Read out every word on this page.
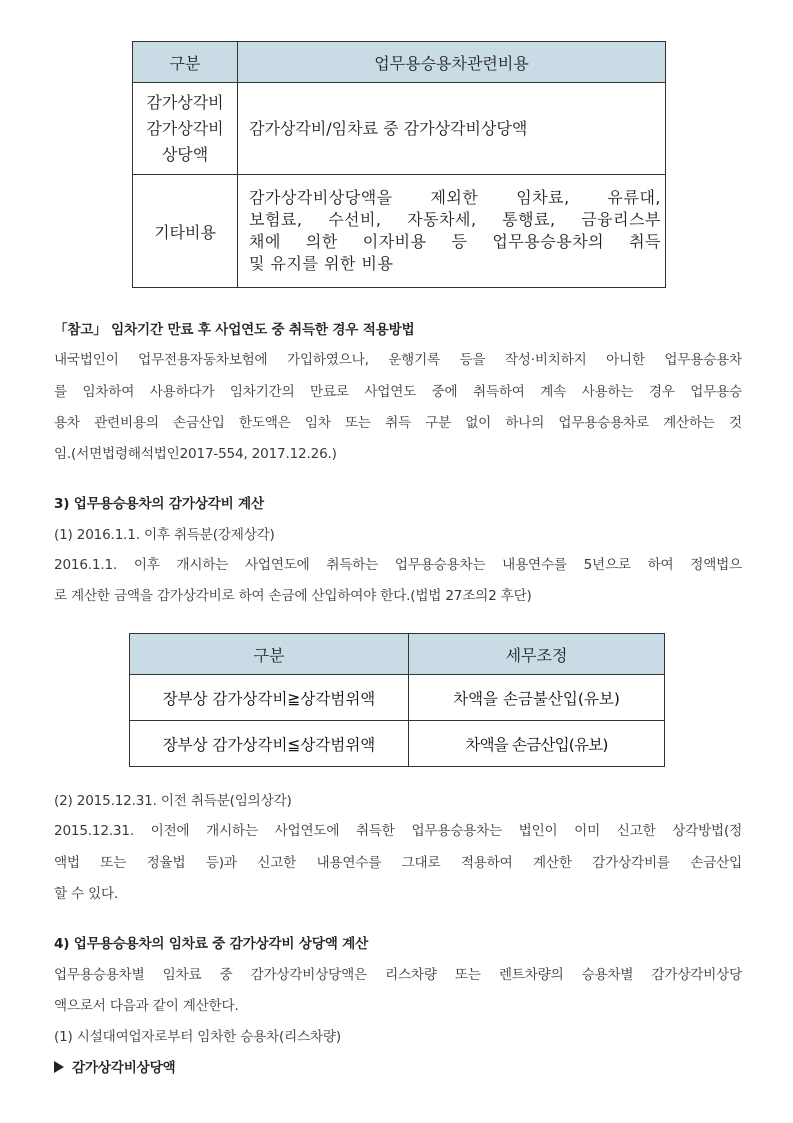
구분	업무용승용차관련비용

감가상각비
감가상각비
상당액	감가상각비/임차료 중 감가상각비상당액
기타비용	감가상각비상당액을 제외한 임차료, 유류대,
보험료, 수선비, 자동차세, 통행료, 금융리스부
채에 의한 이자비용 등 업무용승용차의 취득
및 유지를 위한 비용
「참고」 임차기간 만료 후 사업연도 중 취득한 경우 적용방법
내국법인이 업무전용자동차보험에 가입하였으나, 운행기록 등을 작성·비치하지 아니한 업무용승용차
를 임차하여 사용하다가 임차기간의 만료로 사업연도 중에 취득하여 계속 사용하는 경우 업무용승
용차 관련비용의 손금산입 한도액은 임차 또는 취득 구분 없이 하나의 업무용승용차로 계산하는 것
임.(서면법령해석법인2017-554, 2017.12.26.)
3) 업무용승용차의 감가상각비 계산
(1) 2016.1.1. 이후 취득분(강제상각)
2016.1.1. 이후 개시하는 사업연도에 취득하는 업무용승용차는 내용연수를 5년으로 하여 정액법으
로 계산한 금액을 감가상각비로 하여 손금에 산입하여야 한다.(법법 27조의2 후단)
구분	세무조정
장부상 감가상각비≧상각범위액	차액을 손금불산입(유보)
장부상 감가상각비≦상각범위액	차액을 손금산입(유보)
(2) 2015.12.31. 이전 취득분(임의상각)
2015.12.31. 이전에 개시하는 사업연도에 취득한 업무용승용차는 법인이 이미 신고한 상각방법(정
액법 또는 정율법 등)과 신고한 내용연수를 그대로 적용하여 계산한 감가상각비를 손금산입
할 수 있다.
4) 업무용승용차의 임차료 중 감가상각비 상당액 계산
업무용승용차별 임차료 중 감가상각비상당액은 리스차량 또는 렌트차량의 승용차별 감가상각비상당
액으로서 다음과 같이 계산한다.
(1) 시설대여업자로부터 임차한 승용차(리스차량)
감가상각비상당액
